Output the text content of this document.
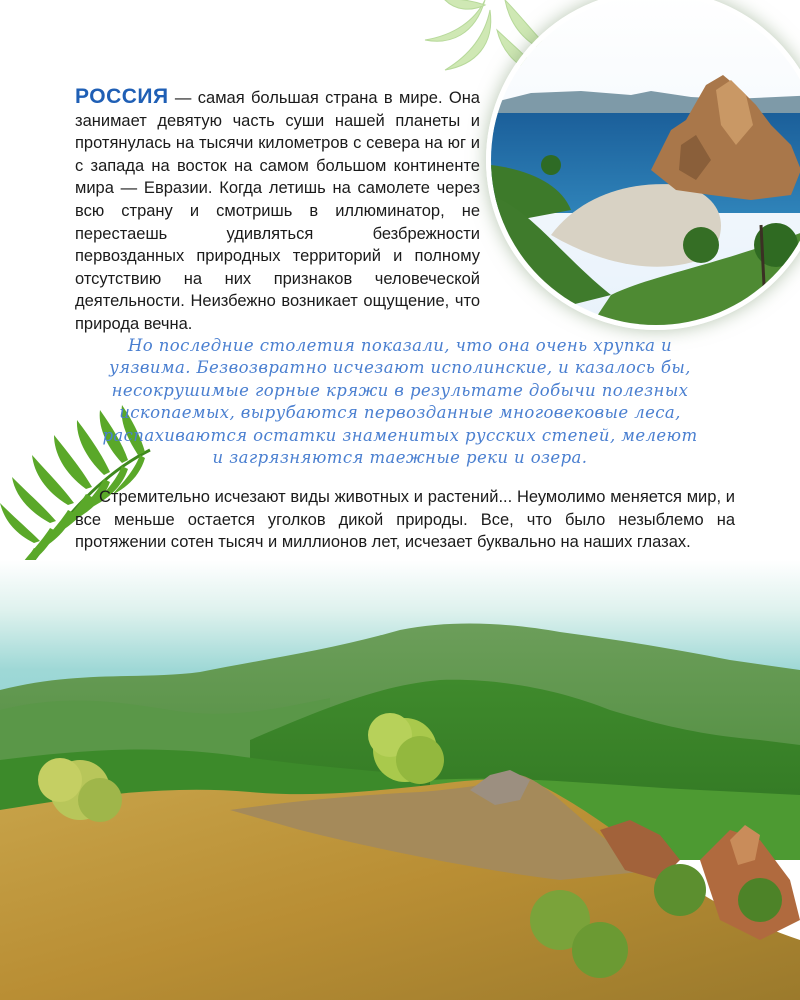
РОССИЯ — самая большая страна в мире. Она занимает девятую часть суши нашей планеты и протянулась на тысячи километров с севера на юг и с запада на восток на самом большом континенте мира — Евразии. Когда летишь на самолете через всю страну и смотришь в иллюминатор, не перестаешь удивляться безбрежности первозданных природных территорий и полному отсутствию на них признаков человеческой деятельности. Неизбежно возникает ощущение, что природа вечна.

Но последние столетия показали, что она очень хрупка и уязвима. Безвозвратно исчезают исполинские, и казалось бы, несокрушимые горные кряжи в результате добычи полезных ископаемых, вырубаются первозданные многовековые леса, распахиваются остатки знаменитых русских степей, мелеют и загрязняются таежные реки и озера.

Стремительно исчезают виды животных и растений... Неумолимо меняется мир, и все меньше остается уголков дикой природы. Все, что было незыблемо на протяжении сотен тысяч и миллионов лет, исчезает буквально на наших глазах.
